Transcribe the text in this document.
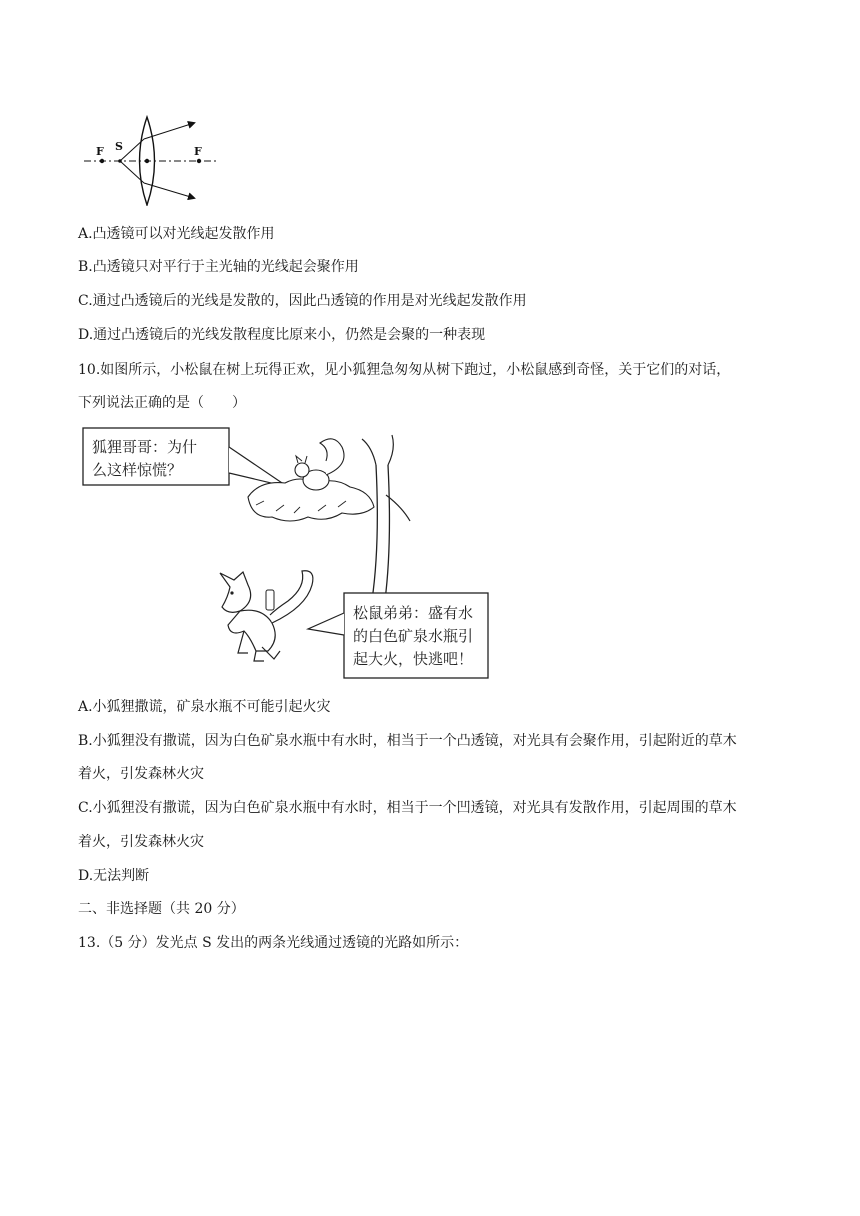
F S	F
A.凸透镜可以对光线起发散作用
B.凸透镜只对平行于主光轴的光线起会聚作用
C.通过凸透镜后的光线是发散的，因此凸透镜的作用是对光线起发散作用
D.通过凸透镜后的光线发散程度比原来小，仍然是会聚的一种表现
10.如图所示，小松鼠在树上玩得正欢，见小狐狸急匆匆从树下跑过，小松鼠感到奇怪，关于它们的对话，
下列说法正确的是（　　）
狐狸哥哥：为什
么这样惊慌？
松鼠弟弟：盛有水
的白色矿泉水瓶引
起大火，快逃吧！
A.小狐狸撒谎，矿泉水瓶不可能引起火灾
B.小狐狸没有撒谎，因为白色矿泉水瓶中有水时，相当于一个凸透镜，对光具有会聚作用，引起附近的草木
着火，引发森林火灾
C.小狐狸没有撒谎，因为白色矿泉水瓶中有水时，相当于一个凹透镜，对光具有发散作用，引起周围的草木
着火，引发森林火灾
D.无法判断
二、非选择题（共 20 分）
13.（5 分）发光点 S 发出的两条光线通过透镜的光路如所示：
